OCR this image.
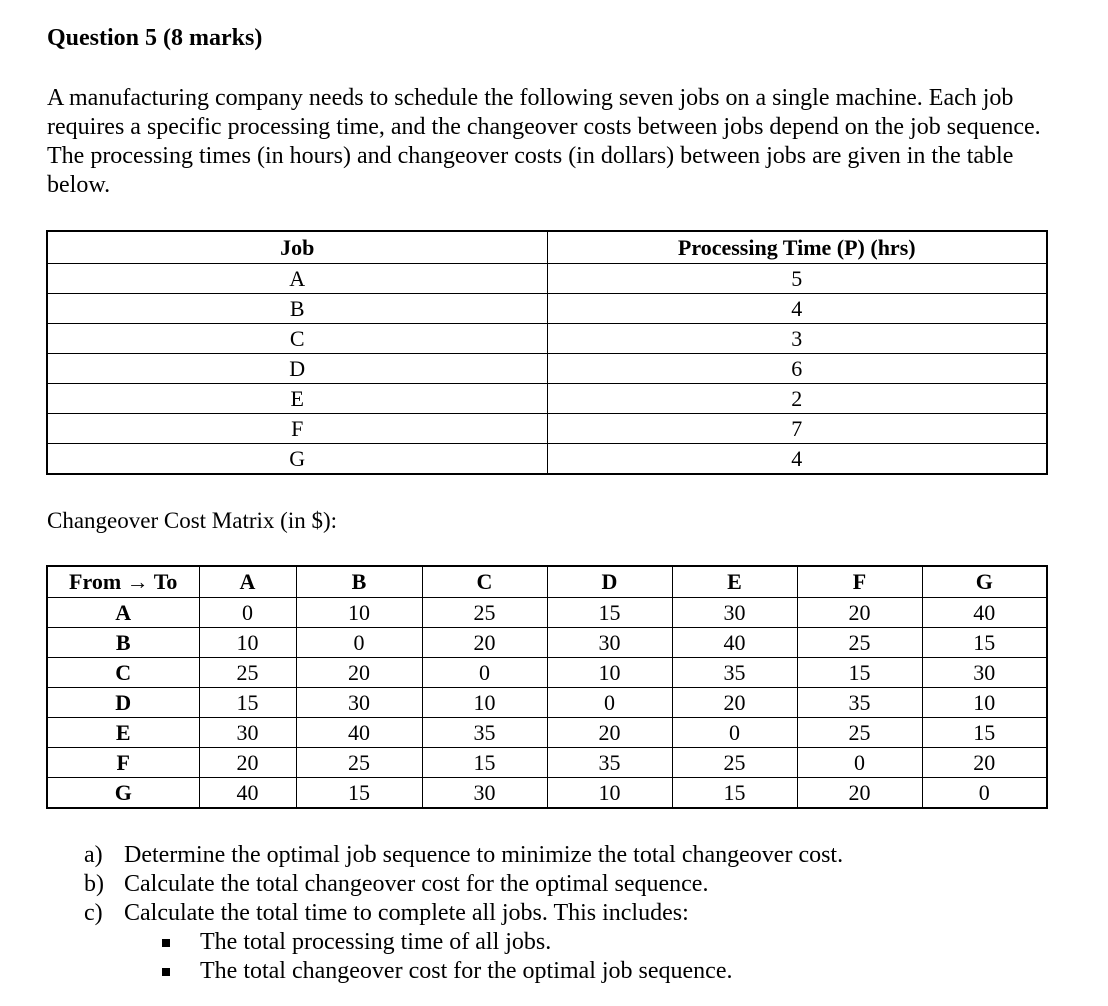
Question 5 (8 marks)
A manufacturing company needs to schedule the following seven jobs on a single machine. Each job requires a specific processing time, and the changeover costs between jobs depend on the job sequence. The processing times (in hours) and changeover costs (in dollars) between jobs are given in the table below.
Job	Processing Time (P) (hrs)
A	5
B	4
C	3
D	6
E	2
F	7
G	4
Changeover Cost Matrix (in $):
From → To	A	B	C	D	E	F	G
A	0	10	25	15	30	20	40
B	10	0	20	30	40	25	15
C	25	20	0	10	35	15	30
D	15	30	10	0	20	35	10
E	30	40	35	20	0	25	15
F	20	25	15	35	25	0	20
G	40	15	30	10	15	20	0
a) Determine the optimal job sequence to minimize the total changeover cost.
b) Calculate the total changeover cost for the optimal sequence.
c) Calculate the total time to complete all jobs. This includes:
The total processing time of all jobs.
The total changeover cost for the optimal job sequence.
